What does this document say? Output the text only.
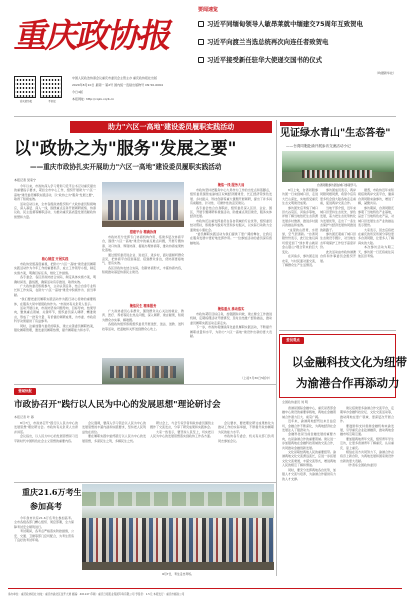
重庆政协报
重庆政协报	手机报
中国人民政治协商会议重庆市委员会主管主办 重庆政协报社出版
2020年8月10日 星期一 第2号 国内统一连续出版物号 CN 50-0064
今日4版
本报网址: http://cqzx.cqrb.cn
要闻速览
习近平同缅甸领导人敏昂莱就中缅建交75周年互致贺电
习近平向渡兰当选总统再次向连任者致贺电
习近平接受新任驻华大使递交国书的仪式
（均据新华社）
助力"六区一高地"建设委员履职实践活动
以"政协之为"服务"发展之要"
——重庆市政协扎实开展助力"六区一高地"建设委员履职实践活动
见证绿水青山"生态答卷"
——台湾同胞赴渝开展参访交流活动小记
台湾同胞参访团在城口参观学习。

8月上旬，台湾同胞参访团一行来到城口县，走进大巴山深处，实地感受重庆生态文明建设成果。

参访团先后考察了城口县亢谷景区、河鱼乡等地，详细了解当地依托生态资源发展乡村旅游、推进乡村振兴的做法和成效。

"这里的山很青，水很绿，空气很清新。"台湾同胞纷纷表示，此行让他们真切感受到了"绿水青山就是金山银山"理念带来的巨大变化。

在河鱼乡，参访团走进农家，与村民面对面交流，了解群众生产生活情况。

参访团成员表示，两岸同胞同根同源，希望今后有更多机会到大陆各地走走看看，促进两岸交流合作。

当地干部介绍，近年来城口县坚持生态优先、绿色发展，着力把生态优势转化为发展优势，走出了一条生态保护与经济发展协同推进的新路子。

参访团还观看了城口县生态建设专题片，对当地生态环境保护工作给予高度评价。

此次活动由市政协港澳台侨和外事委员会组织开展。

据悉，市政协近年来积极搭建两岸交流平台，邀请台湾同胞来渝参访，增进了解，凝聚共识。

参访期间，台湾同胞还参观了当地特色产业基地，品尝了当地特色农产品，对城口县发展生态产业的做法表示赞赏。

大家表示，回去后将把在重庆的所见所闻分享给更多台湾同胞，让更多人了解真实的大陆。

本次参访活动为期三天，参访团一行还将前往其他区县考察。

本报记者 吴家宁

今年以来，市政协深入学习贯彻习近平总书记对重庆提出的重要指示要求，紧扣全市中心工作，组织开展助力"六区一高地"建设委员履职实践活动，以"政协之为"服务"发展之要"，取得了积极成效。

活动启动以来，全市各级政协组织和广大政协委员积极响应，深入基层、深入一线，围绕重点任务开展调研视察、协商议政、民主监督等履职活动，为推动重庆高质量发展贡献政协智慧和力量。

核心制度 开展实践

市政协党组高度重视，把助力"六区一高地"建设委员履职实践活动作为今年工作的重要抓手，成立工作领导小组，制定实施方案，明确目标任务，细化工作措施。

各专委会、各区县政协结合实际，制定具体实施方案，明确时间表、路线图，确保活动有序推进、取得实效。

广大政协委员积极参与，主动认领任务，结合自身专业特长和工作实际，在助力"六区一高地"建设中积极作为、担当奉献。

"我们要把委员履职实践活动作为践行初心使命的重要载体，在服务大局中展现政协作为。"市政协有关负责人表示。

活动开展以来，市政协坚持问题导向、目标导向、结果导向，聚焦重点领域、关键环节，组织委员深入调研、精准建言，形成了一批有分量、有价值的调研成果，为市委、市政府科学决策提供了有益参考。

同时，注重加强与委员的联系，建立完善委员履职档案，强化履职管理，激发委员履职热情，提升履职能力和水平。

搭建平台 精确协商

市政协充分发挥专门协商机构作用，搭建多层次协商平台，围绕"六区一高地"建设中的重点难点问题，开展专题协商、对口协商、界别协商、提案办理协商等，推动协商成果转化落地。

通过组织委员进企业、进社区、进乡村，面对面倾听群众意见，把协商平台搭到基层、搭到群众身边，使协商更接地气、更有实效。

各区县政协也结合实际，创新协商形式，丰富协商内容，积极推动基层协商民主建设。

聚焦民生 精准服务

广大政协委员心系群众，围绕群众关心关注的就业、教育、医疗、养老等民生热点问题，深入调研、建言献策，积极为群众办实事、解难题。

各级政协组织积极组织委员开展送医、送法、送教、送科技等活动，把温暖和关怀送到群众心坎上。

聚焦一线 服务大局

市政协坚持把服务中心大局作为工作的出发点和落脚点，组织委员围绕成渝地区双城经济圈建设、长江经济带绿色发展、乡村振兴、科技创新等重大课题开展调研，提出了许多具有前瞻性、针对性、可操作性的意见建议。

各专委会结合自身职能，组织委员深入区县、企业、园区，开展专题调研和视察活动，助推重点项目建设，服务实体经济发展。

市政协还注重发挥委员在各自领域的专业优势，组织委员结对帮扶，积极参与脱贫攻坚和乡村振兴，以实际行动助力全面建成小康社会。

"委员履职实践活动为我们提供了更广阔的舞台，让我们在服务发展中更好地发挥作用。"一位参加活动的委员深有感触地说。

聚焦重点 推动落实

市政协紧盯目标任务，加强跟踪问效，建立健全工作推进机制，定期梳理活动开展情况，及时总结推广经验做法，推动委员履职实践活动走深走实。

下一步，市政协将继续深化委员履职实践活动，不断提升履职质量和水平，为助力"六区一高地"建设作出新的更大贡献。

（上接7月30日5版中）
委员观点
以金融科技文化为纽带
为渝港合作再添动力
全国政协委员 刘 明

香港是国际金融中心，重庆是西部金融中心建设的重要承载地，两地在金融领域合作潜力巨大、前景广阔。

近年来，渝港两地经贸往来日益密切，金融合作不断深化，为两地经济社会发展注入了强劲动力。

金融科技是当前金融发展的重要方向，也是渝港合作的重要领域。建议进一步加强两地在金融科技领域的交流合作，共同推动金融创新发展。

文化是联结两地人民的重要纽带。渝港两地文化交流源远流长，应进一步拓展文化交流渠道，丰富交流形式，增进两地人民的相互了解和情谊。

同时，要充分发挥两地各自优势，加强人才交流与培养，为渝港合作提供有力的人才支撑。

建议搭建更多渝港合作交流平台，定期举办金融科技论坛、文化交流活动等，推动两地在更广领域、更深层次开展合作。

要鼓励和支持香港金融机构来渝发展，引导重庆企业赴港融资，推动两地金融市场互联互通。

要加强两地青年交流，组织青年学生互访，让更多香港青年了解重庆、认识重庆、爱上重庆。

相信在双方共同努力下，渝港合作必将迈上新台阶，为两地发展和国家建设作出新的更大贡献。

（作者系全国政协委员）

要闻快报
市政协召开"践行以人民为中心的发展思想"理论研讨会
本报记者 叶 蓉

8月7日，市政协召开"践行以人民为中心的发展思想"理论研讨会。市政协有关负责人出席并讲话。

会议指出，以人民为中心的发展思想是习近平新时代中国特色社会主义思想的重要内容。

会议强调，要深入学习领会以人民为中心的发展思想的丰富内涵和实践要求，坚持把人民利益放在首位。

要在履职实践中始终践行以人民为中心的发展思想，多谋民生之利，多解民生之忧。

研讨会上，与会专家学者和政协委员围绕主题作了交流发言，分享了研究成果和实践体会。

大家一致表示，要坚持人民至上，切实把以人民为中心的发展思想落实到政协工作各方面。

会议要求，要把理论研讨成果转化为推动工作的实际举措，不断提升政协履职为民的能力水平。

市政协各专委会、机关有关部门负责同志参加会议。

重庆21.6万考生
参加高考

今年我市共有21.6万名考生参加高考。全市各级各部门精心组织、周密部署，全力保障考试安全顺利进行。

考试期间，各考点严格落实防控措施，公安、交通、卫健等部门密切配合，为考生营造了良好的考试环境。

6月7日，考生走出考场。
承办单位：重庆政协报社 地址：重庆市渝北区金开大道 邮编：401147 印刷：重庆日报报业集团印务有限公司 零售价：1.5元 本报发行：重庆市邮政公司
